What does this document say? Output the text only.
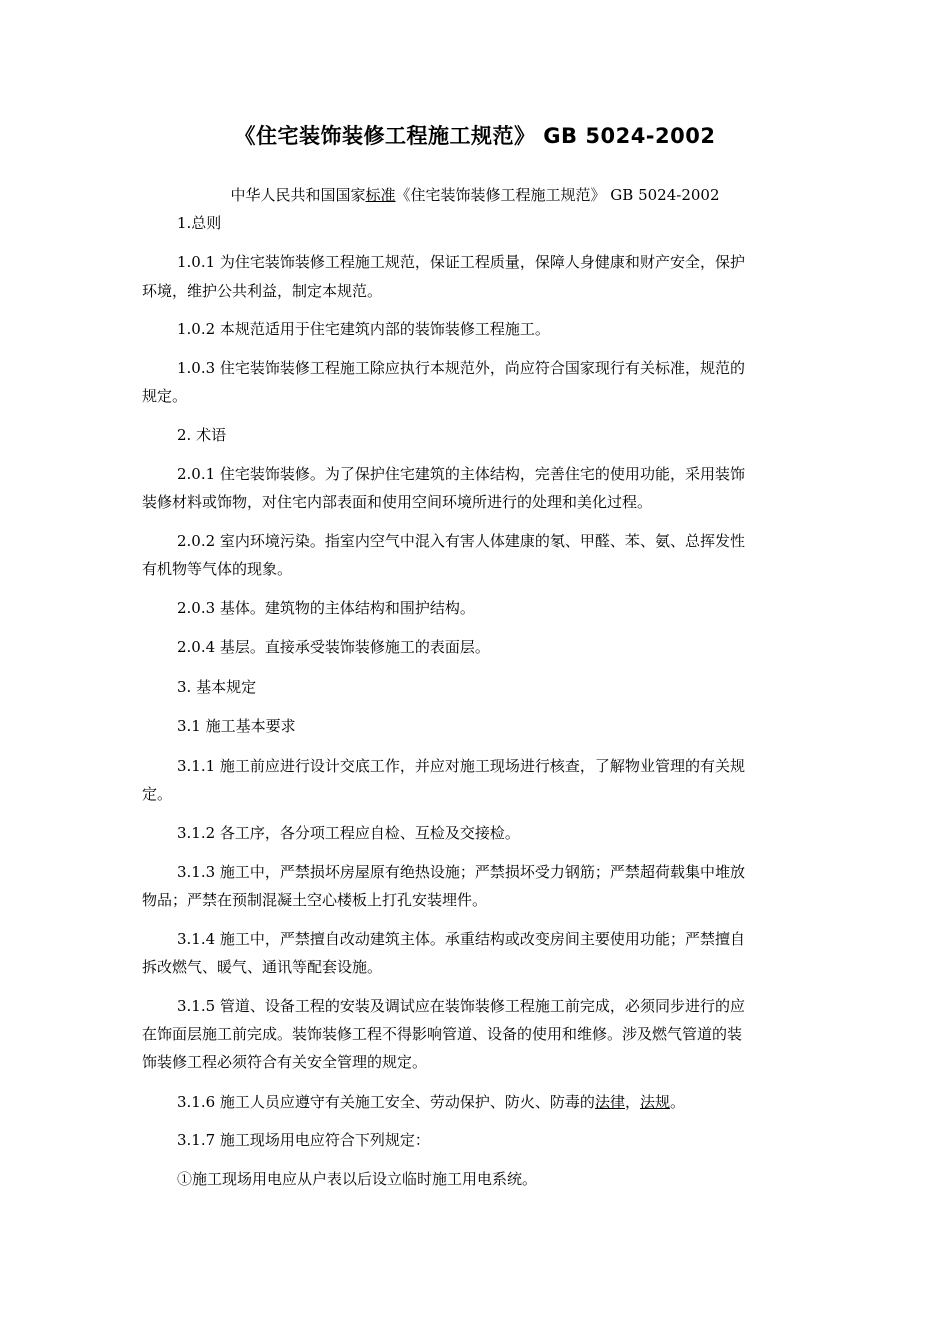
《住宅装饰装修工程施工规范》 GB 5024-2002
中华人民共和国国家标准《住宅装饰装修工程施工规范》 GB 5024-2002
1.总则
1.0.1 为住宅装饰装修工程施工规范，保证工程质量，保障人身健康和财产安全，保护
环境，维护公共利益，制定本规范。
1.0.2 本规范适用于住宅建筑内部的装饰装修工程施工。
1.0.3 住宅装饰装修工程施工除应执行本规范外，尚应符合国家现行有关标准，规范的
规定。
2. 术语
2.0.1 住宅装饰装修。为了保护住宅建筑的主体结构，完善住宅的使用功能，采用装饰
装修材料或饰物，对住宅内部表面和使用空间环境所进行的处理和美化过程。
2.0.2 室内环境污染。指室内空气中混入有害人体建康的氡、甲醛、苯、氨、总挥发性
有机物等气体的现象。
2.0.3 基体。建筑物的主体结构和围护结构。
2.0.4 基层。直接承受装饰装修施工的表面层。
3. 基本规定
3.1 施工基本要求
3.1.1 施工前应进行设计交底工作，并应对施工现场进行核查，了解物业管理的有关规
定。
3.1.2 各工序，各分项工程应自检、互检及交接检。
3.1.3 施工中，严禁损坏房屋原有绝热设施；严禁损坏受力钢筋；严禁超荷载集中堆放
物品；严禁在预制混凝土空心楼板上打孔安装埋件。
3.1.4 施工中，严禁擅自改动建筑主体。承重结构或改变房间主要使用功能；严禁擅自
拆改燃气、暖气、通讯等配套设施。
3.1.5 管道、设备工程的安装及调试应在装饰装修工程施工前完成，必须同步进行的应
在饰面层施工前完成。装饰装修工程不得影响管道、设备的使用和维修。涉及燃气管道的装
饰装修工程必须符合有关安全管理的规定。
3.1.6 施工人员应遵守有关施工安全、劳动保护、防火、防毒的法律，法规。
3.1.7 施工现场用电应符合下列规定：
①施工现场用电应从户表以后设立临时施工用电系统。
